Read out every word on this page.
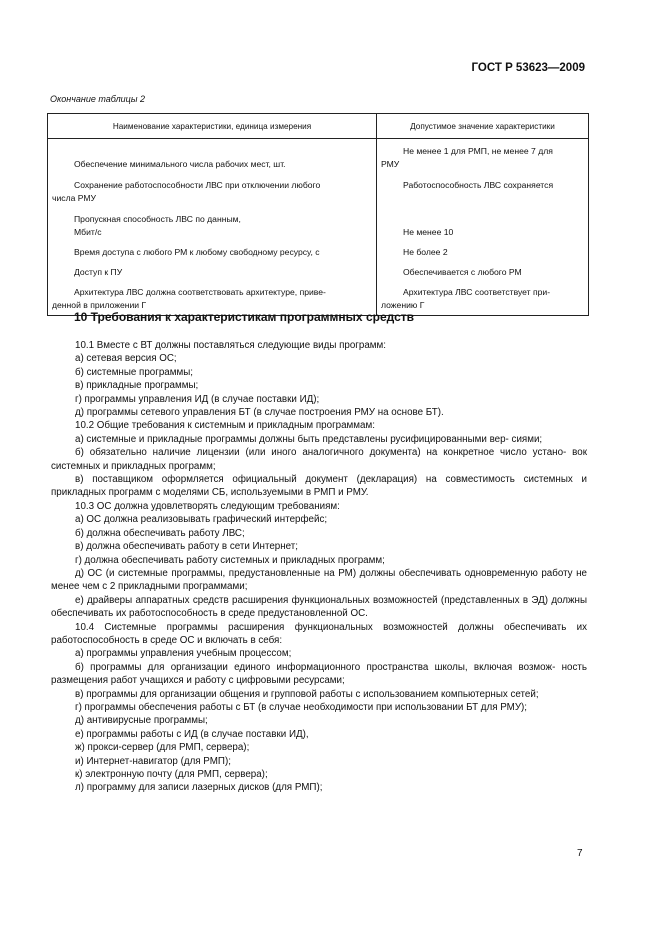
ГОСТ Р 53623—2009
Окончание таблицы 2
Наименование характеристики, единица измерения	Допустимое значение характеристики

Обеспечение минимального числа рабочих мест, шт.	Не менее 1 для РМП, не менее 7 для
РМУ

Сохранение работоспособности ЛВС при отключении любого
числа РМУ	Работоспособность ЛВС сохраняется

Пропускная способность ЛВС по данным,
Мбит/с	Не менее 10

Время доступа с любого РМ к любому свободному ресурсу, с	Не более 2

Доступ к ПУ	Обеспечивается с любого РМ

Архитектура ЛВС должна соответствовать архитектуре, приве-
денной в приложении Г	Архитектура ЛВС соответствует при-
ложению Г
10 Требования к характеристикам программных средств

10.1 Вместе с ВТ должны поставляться следующие виды программ:

а) сетевая версия ОС;

б) системные программы;

в) прикладные программы;

г) программы управления ИД (в случае поставки ИД);

д) программы сетевого управления БТ (в случае построения РМУ на основе БТ).

10.2 Общие требования к системным и прикладным программам:

а) системные и прикладные программы должны быть представлены русифицированными вер- сиями;

б) обязательно наличие лицензии (или иного аналогичного документа) на конкретное число устано- вок системных и прикладных программ;

в) поставщиком оформляется официальный документ (декларация) на совместимость системных и прикладных программ с моделями СБ, используемыми в РМП и РМУ.

10.3 ОС должна удовлетворять следующим требованиям:

а) ОС должна реализовывать графический интерфейс;

б) должна обеспечивать работу ЛВС;

в) должна обеспечивать работу в сети Интернет;

г) должна обеспечивать работу системных и прикладных программ;

д) ОС (и системные программы, предустановленные на РМ) должны обеспечивать одновременную работу не менее чем с 2 прикладными программами;

е) драйверы аппаратных средств расширения функциональных возможностей (представленных в ЭД) должны обеспечивать их работоспособность в среде предустановленной ОС.

10.4 Системные программы расширения функциональных возможностей должны обеспечивать их работоспособность в среде ОС и включать в себя:

а) программы управления учебным процессом;

б) программы для организации единого информационного пространства школы, включая возмож- ность размещения работ учащихся и работу с цифровыми ресурсами;

в) программы для организации общения и групповой работы с использованием компьютерных сетей;

г) программы обеспечения работы с БТ (в случае необходимости при использовании БТ для РМУ);

д) антивирусные программы;

е) программы работы с ИД (в случае поставки ИД),

ж) прокси-сервер (для РМП, сервера);

и) Интернет-навигатор (для РМП);

к) электронную почту (для РМП, сервера);

л) программу для записи лазерных дисков (для РМП);

7
